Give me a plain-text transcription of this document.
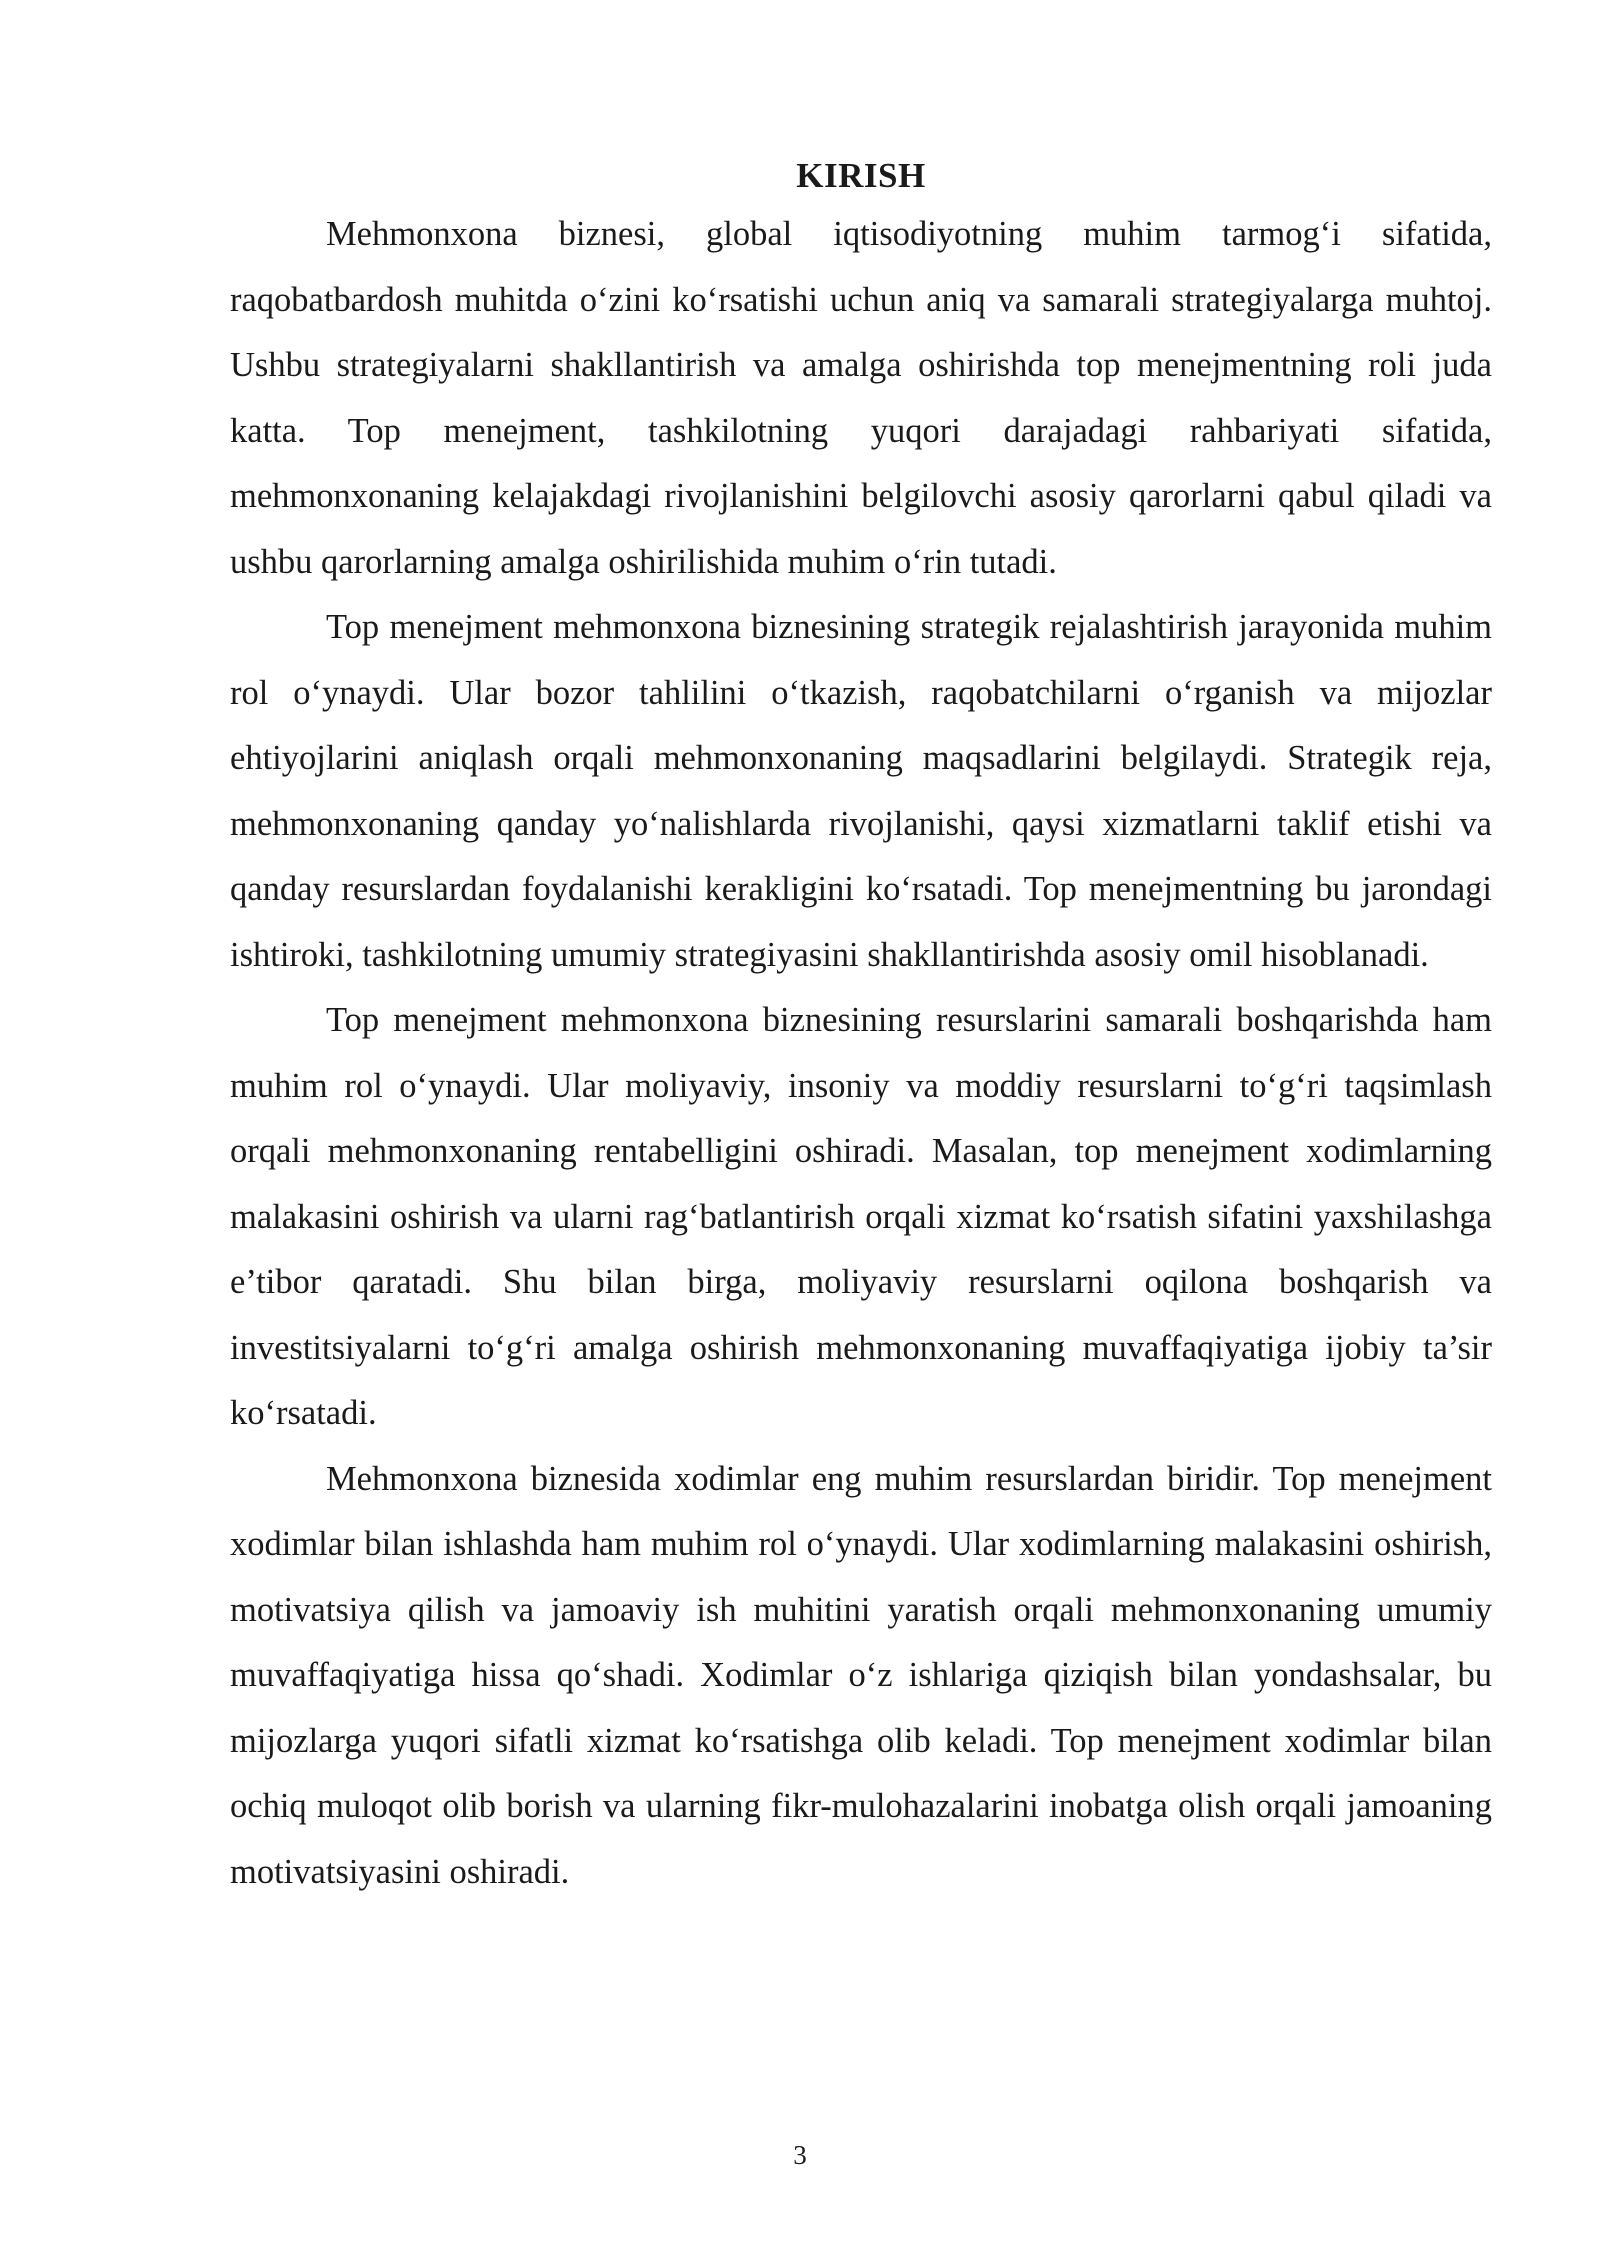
KIRISH

Mehmonxona biznesi, global iqtisodiyotning muhim tarmog‘i sifatida, raqobatbardosh muhitda o‘zini ko‘rsatishi uchun aniq va samarali strategiyalarga muhtoj. Ushbu strategiyalarni shakllantirish va amalga oshirishda top menejmentning roli juda katta. Top menejment, tashkilotning yuqori darajadagi rahbariyati sifatida, mehmonxonaning kelajakdagi rivojlanishini belgilovchi asosiy qarorlarni qabul qiladi va ushbu qarorlarning amalga oshirilishida muhim o‘rin tutadi.

Top menejment mehmonxona biznesining strategik rejalashtirish jarayonida muhim rol o‘ynaydi. Ular bozor tahlilini o‘tkazish, raqobatchilarni o‘rganish va mijozlar ehtiyojlarini aniqlash orqali mehmonxonaning maqsadlarini belgilaydi. Strategik reja, mehmonxonaning qanday yo‘nalishlarda rivojlanishi, qaysi xizmatlarni taklif etishi va qanday resurslardan foydalanishi kerakligini ko‘rsatadi. Top menejmentning bu jarondagi ishtiroki, tashkilotning umumiy strategiyasini shakllantirishda asosiy omil hisoblanadi.

Top menejment mehmonxona biznesining resurslarini samarali boshqarishda ham muhim rol o‘ynaydi. Ular moliyaviy, insoniy va moddiy resurslarni to‘g‘ri taqsimlash orqali mehmonxonaning rentabelligini oshiradi. Masalan, top menejment xodimlarning malakasini oshirish va ularni rag‘batlantirish orqali xizmat ko‘rsatish sifatini yaxshilashga e’tibor qaratadi. Shu bilan birga, moliyaviy resurslarni oqilona boshqarish va investitsiyalarni to‘g‘ri amalga oshirish mehmonxonaning muvaffaqiyatiga ijobiy ta’sir ko‘rsatadi.

Mehmonxona biznesida xodimlar eng muhim resurslardan biridir. Top menejment xodimlar bilan ishlashda ham muhim rol o‘ynaydi. Ular xodimlarning malakasini oshirish, motivatsiya qilish va jamoaviy ish muhitini yaratish orqali mehmonxonaning umumiy muvaffaqiyatiga hissa qo‘shadi. Xodimlar o‘z ishlariga qiziqish bilan yondashsalar, bu mijozlarga yuqori sifatli xizmat ko‘rsatishga olib keladi. Top menejment xodimlar bilan ochiq muloqot olib borish va ularning fikr-mulohazalarini inobatga olish orqali jamoaning motivatsiyasini oshiradi.

3
